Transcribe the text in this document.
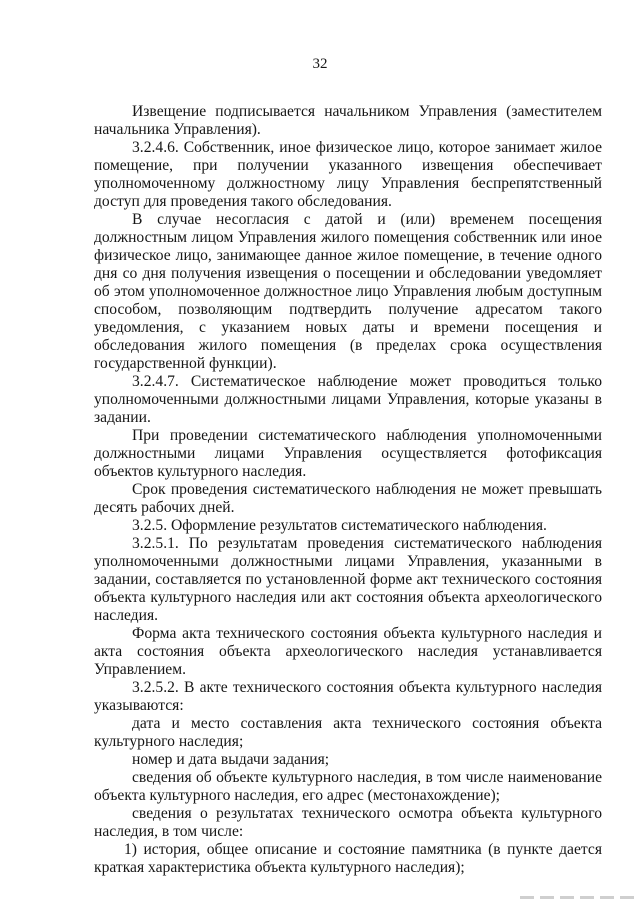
32

Извещение подписывается начальником Управления (заместителем начальника Управления).

3.2.4.6. Собственник, иное физическое лицо, которое занимает жилое помещение, при получении указанного извещения обеспечивает уполномоченному должностному лицу Управления беспрепятственный доступ для проведения такого обследования.

В случае несогласия с датой и (или) временем посещения должностным лицом Управления жилого помещения собственник или иное физическое лицо, занимающее данное жилое помещение, в течение одного дня со дня получения извещения о посещении и обследовании уведомляет об этом уполномоченное должностное лицо Управления любым доступным способом, позволяющим подтвердить получение адресатом такого уведомления, с указанием новых даты и времени посещения и обследования жилого помещения (в пределах срока осуществления государственной функции).

3.2.4.7. Систематическое наблюдение может проводиться только уполномоченными должностными лицами Управления, которые указаны в задании.

При проведении систематического наблюдения уполномоченными должностными лицами Управления осуществляется фотофиксация объектов культурного наследия.

Срок проведения систематического наблюдения не может превышать десять рабочих дней.

3.2.5. Оформление результатов систематического наблюдения.

3.2.5.1. По результатам проведения систематического наблюдения уполномоченными должностными лицами Управления, указанными в задании, составляется по установленной форме акт технического состояния объекта культурного наследия или акт состояния объекта археологического наследия.

Форма акта технического состояния объекта культурного наследия и акта состояния объекта археологического наследия устанавливается Управлением.

3.2.5.2. В акте технического состояния объекта культурного наследия указываются:

дата и место составления акта технического состояния объекта культурного наследия;

номер и дата выдачи задания;

сведения об объекте культурного наследия, в том числе наименование объекта культурного наследия, его адрес (местонахождение);

сведения о результатах технического осмотра объекта культурного наследия, в том числе:

1) история, общее описание и состояние памятника (в пункте дается краткая характеристика объекта культурного наследия);
